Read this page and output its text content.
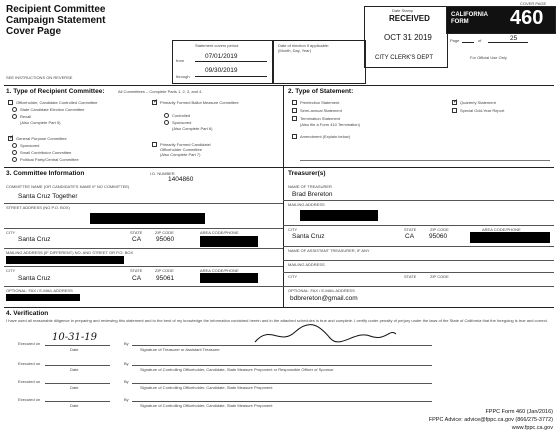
Recipient Committee
Campaign Statement
Cover Page
COVER PAGE
Statement covers period
from
07/01/2019
through
09/30/2019
Date of election if applicable:
(Month, Day, Year)
RECEIVED
OCT 31 2019
CITY CLERK'S DEPT
Date Stamp
CALIFORNIA FORM	460
Page	of	25
For Official Use Only
SEE INSTRUCTIONS ON REVERSE
1. Type of Recipient Committee:	All Committees – Complete Parts 1, 2, 3, and 4.
Officeholder, Candidate Controlled Committee
State Candidate Election Committee
Recall
(Also Complete Part 5)
✓ General Purpose Committee
Sponsored
Small Contributor Committee
Political Party/Central Committee
✓ Primarily Formed Ballot Measure Committee
Controlled
Sponsored
(Also Complete Part 6)
Primarily Formed Candidate/
Officeholder Committee
(Also Complete Part 7)
2. Type of Statement:
Preelection Statement
Semi-annual Statement
Termination Statement
(Also file a Form 410 Termination)
Amendment (Explain below)
✓ Quarterly Statement
Special Odd-Year Report
3. Committee Information	I.D. NUMBER
1404860
COMMITTEE NAME (OR CANDIDATE'S NAME IF NO COMMITTEE)
Santa Cruz Together
STREET ADDRESS (NO P.O. BOX)
CITY	STATE	ZIP CODE	AREA CODE/PHONE
Santa Cruz	CA 95060
MAILING ADDRESS (IF DIFFERENT) NO. AND STREET OR P.O. BOX
CITY	STATE	ZIP CODE	AREA CODE/PHONE
Santa Cruz	CA 95061
OPTIONAL: FAX / E-MAIL ADDRESS
Treasurer(s)
NAME OF TREASURER
Brad Brereton
MAILING ADDRESS
CITY	STATE	ZIP CODE	AREA CODE/PHONE
Santa Cruz	CA 95060
NAME OF ASSISTANT TREASURER, IF ANY
MAILING ADDRESS
CITY	STATE	ZIP CODE
OPTIONAL: FAX / E-MAIL ADDRESS
bdbrereton@gmail.com
4. Verification
I have used all reasonable diligence in preparing and reviewing this statement and to the best of my knowledge the information contained herein and in the attached schedules is true and complete. I certify under penalty of perjury under the laws of the State of California that the foregoing is true and correct.
Executed on
Date
By
Signature of Treasurer or Assistant Treasurer
10-31-19
Executed on
Date
By
Signature of Controlling Officeholder, Candidate, State Measure Proponent or Responsible Officer of Sponsor
Executed on
Date
By
Signature of Controlling Officeholder, Candidate, State Measure Proponent
Executed on
Date
By
Signature of Controlling Officeholder, Candidate, State Measure Proponent
FPPC Form 460 (Jan/2016)
FPPC Advice: advice@fppc.ca.gov (866/275-3772)
www.fppc.ca.gov
